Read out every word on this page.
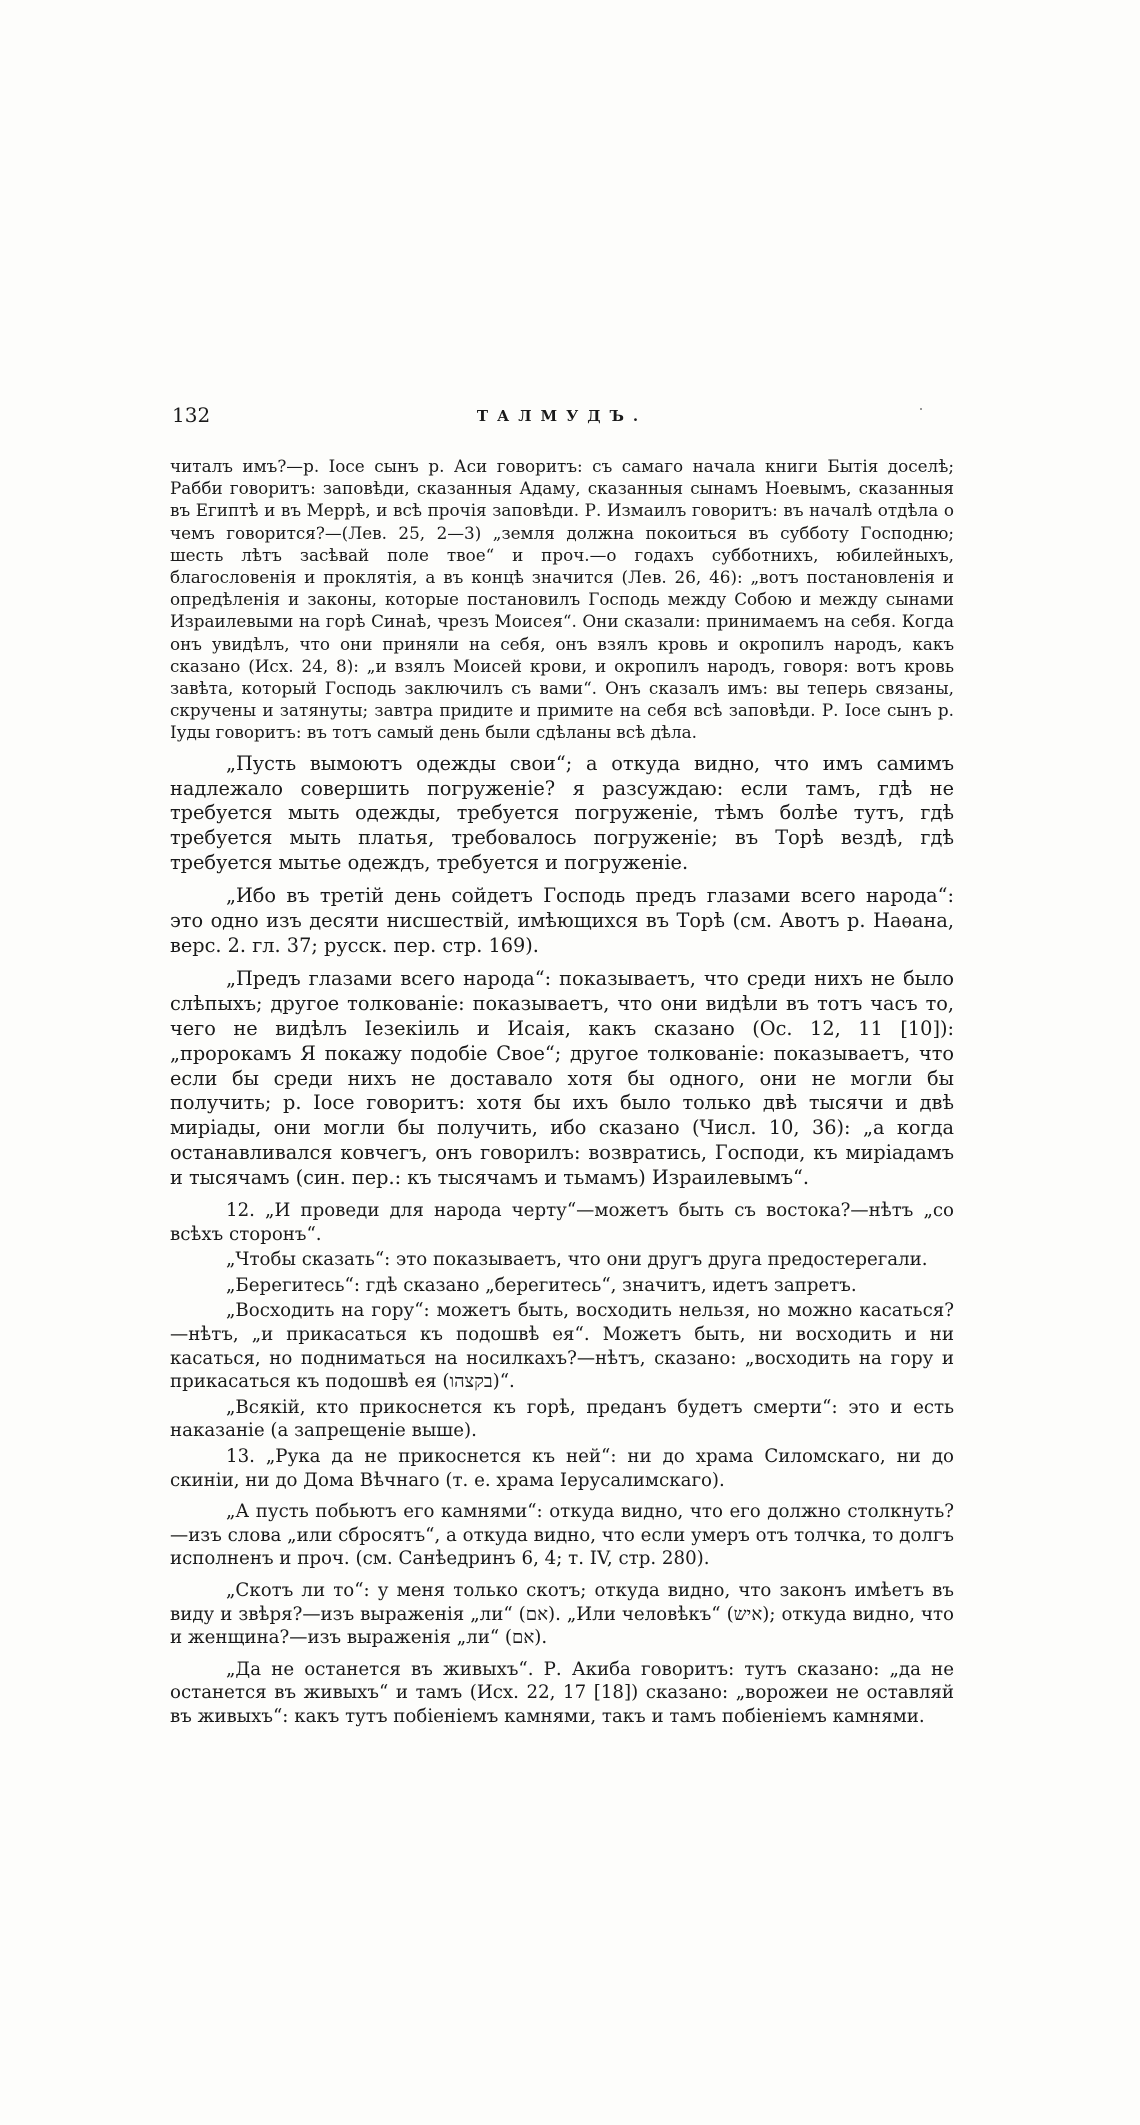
132	ТАЛМУДЪ.

читалъ имъ?—р. Іосе сынъ р. Аси говоритъ: съ самаго начала книги Бытія доселѣ; Рабби говоритъ: заповѣди, сказанныя Адаму, сказанныя сынамъ Ноевымъ, сказанныя въ Египтѣ и въ Меррѣ, и всѣ прочія заповѣди. Р. Измаилъ говоритъ: въ началѣ отдѣла о чемъ говорится?—(Лев. 25, 2—3) „земля должна покоиться въ субботу Господню; шесть лѣтъ засѣвай поле твое“ и проч.—о годахъ субботнихъ, юбилейныхъ, благословенія и проклятія, а въ концѣ значится (Лев. 26, 46): „вотъ постановленія и опредѣленія и законы, которые постановилъ Господь между Собою и между сынами Израилевыми на горѣ Синаѣ, чрезъ Моисея“. Они сказали: принимаемъ на себя. Когда онъ увидѣлъ, что они приняли на себя, онъ взялъ кровь и окропилъ народъ, какъ сказано (Исх. 24, 8): „и взялъ Моисей крови, и окропилъ народъ, говоря: вотъ кровь завѣта, который Господь заключилъ съ вами“. Онъ сказалъ имъ: вы теперь связаны, скручены и затянуты; завтра придите и примите на себя всѣ заповѣди. Р. Іосе сынъ р. Іуды говоритъ: въ тотъ самый день были сдѣланы всѣ дѣла.

„Пусть вымоютъ одежды свои“; а откуда видно, что имъ самимъ надлежало совершить погруженіе? я разсуждаю: если тамъ, гдѣ не требуется мыть одежды, требуется погруженіе, тѣмъ болѣе тутъ, гдѣ требуется мыть платья, требовалось погруженіе; въ Торѣ вездѣ, гдѣ требуется мытье одеждъ, требуется и погруженіе.

„Ибо въ третій день сойдетъ Господь предъ глазами всего народа“: это одно изъ десяти нисшествій, имѣющихся въ Торѣ (см. Авотъ р. Наѳана, верс. 2. гл. 37; русск. пер. стр. 169).

„Предъ глазами всего народа“: показываетъ, что среди нихъ не было слѣпыхъ; другое толкованіе: показываетъ, что они видѣли въ тотъ часъ то, чего не видѣлъ Іезекіиль и Исаія, какъ сказано (Ос. 12, 11 [10]): „пророкамъ Я покажу подобіе Свое“; другое толкованіе: показываетъ, что если бы среди нихъ не доставало хотя бы одного, они не могли бы получить; р. Іосе говоритъ: хотя бы ихъ было только двѣ тысячи и двѣ миріады, они могли бы получить, ибо сказано (Числ. 10, 36): „а когда останавливался ковчегъ, онъ говорилъ: возвратись, Господи, къ миріадамъ и тысячамъ (син. пер.: къ тысячамъ и тьмамъ) Израилевымъ“.

12. „И проведи для народа черту“—можетъ быть съ востока?—нѣтъ „со всѣхъ сторонъ“.

„Чтобы сказать“: это показываетъ, что они другъ друга предостерегали.

„Берегитесь“: гдѣ сказано „берегитесь“, значитъ, идетъ запретъ.

„Восходить на гору“: можетъ быть, восходить нельзя, но можно касаться?—нѣтъ, „и прикасаться къ подошвѣ ея“. Можетъ быть, ни восходить и ни касаться, но подниматься на носилкахъ?—нѣтъ, сказано: „восходить на гору и прикасаться къ подошвѣ ея (בקצהו)“.

„Всякій, кто прикоснется къ горѣ, преданъ будетъ смерти“: это и есть наказаніе (а запрещеніе выше).

13. „Рука да не прикоснется къ ней“: ни до храма Силомскаго, ни до скиніи, ни до Дома Вѣчнаго (т. е. храма Іерусалимскаго).

„А пусть побьютъ его камнями“: откуда видно, что его должно столкнуть?—изъ слова „или сбросятъ“, а откуда видно, что если умеръ отъ толчка, то долгъ исполненъ и проч. (см. Санѣедринъ 6, 4; т. IV, стр. 280).

„Скотъ ли то“: у меня только скотъ; откуда видно, что законъ имѣетъ въ виду и звѣря?—изъ выраженія „ли“ (אם). „Или человѣкъ“ (איש); откуда видно, что и женщина?—изъ выраженія „ли“ (אם).

„Да не останется въ живыхъ“. Р. Акиба говоритъ: тутъ сказано: „да не останется въ живыхъ“ и тамъ (Исх. 22, 17 [18]) сказано: „ворожеи не оставляй въ живыхъ“: какъ тутъ побіеніемъ камнями, такъ и тамъ побіеніемъ камнями.
